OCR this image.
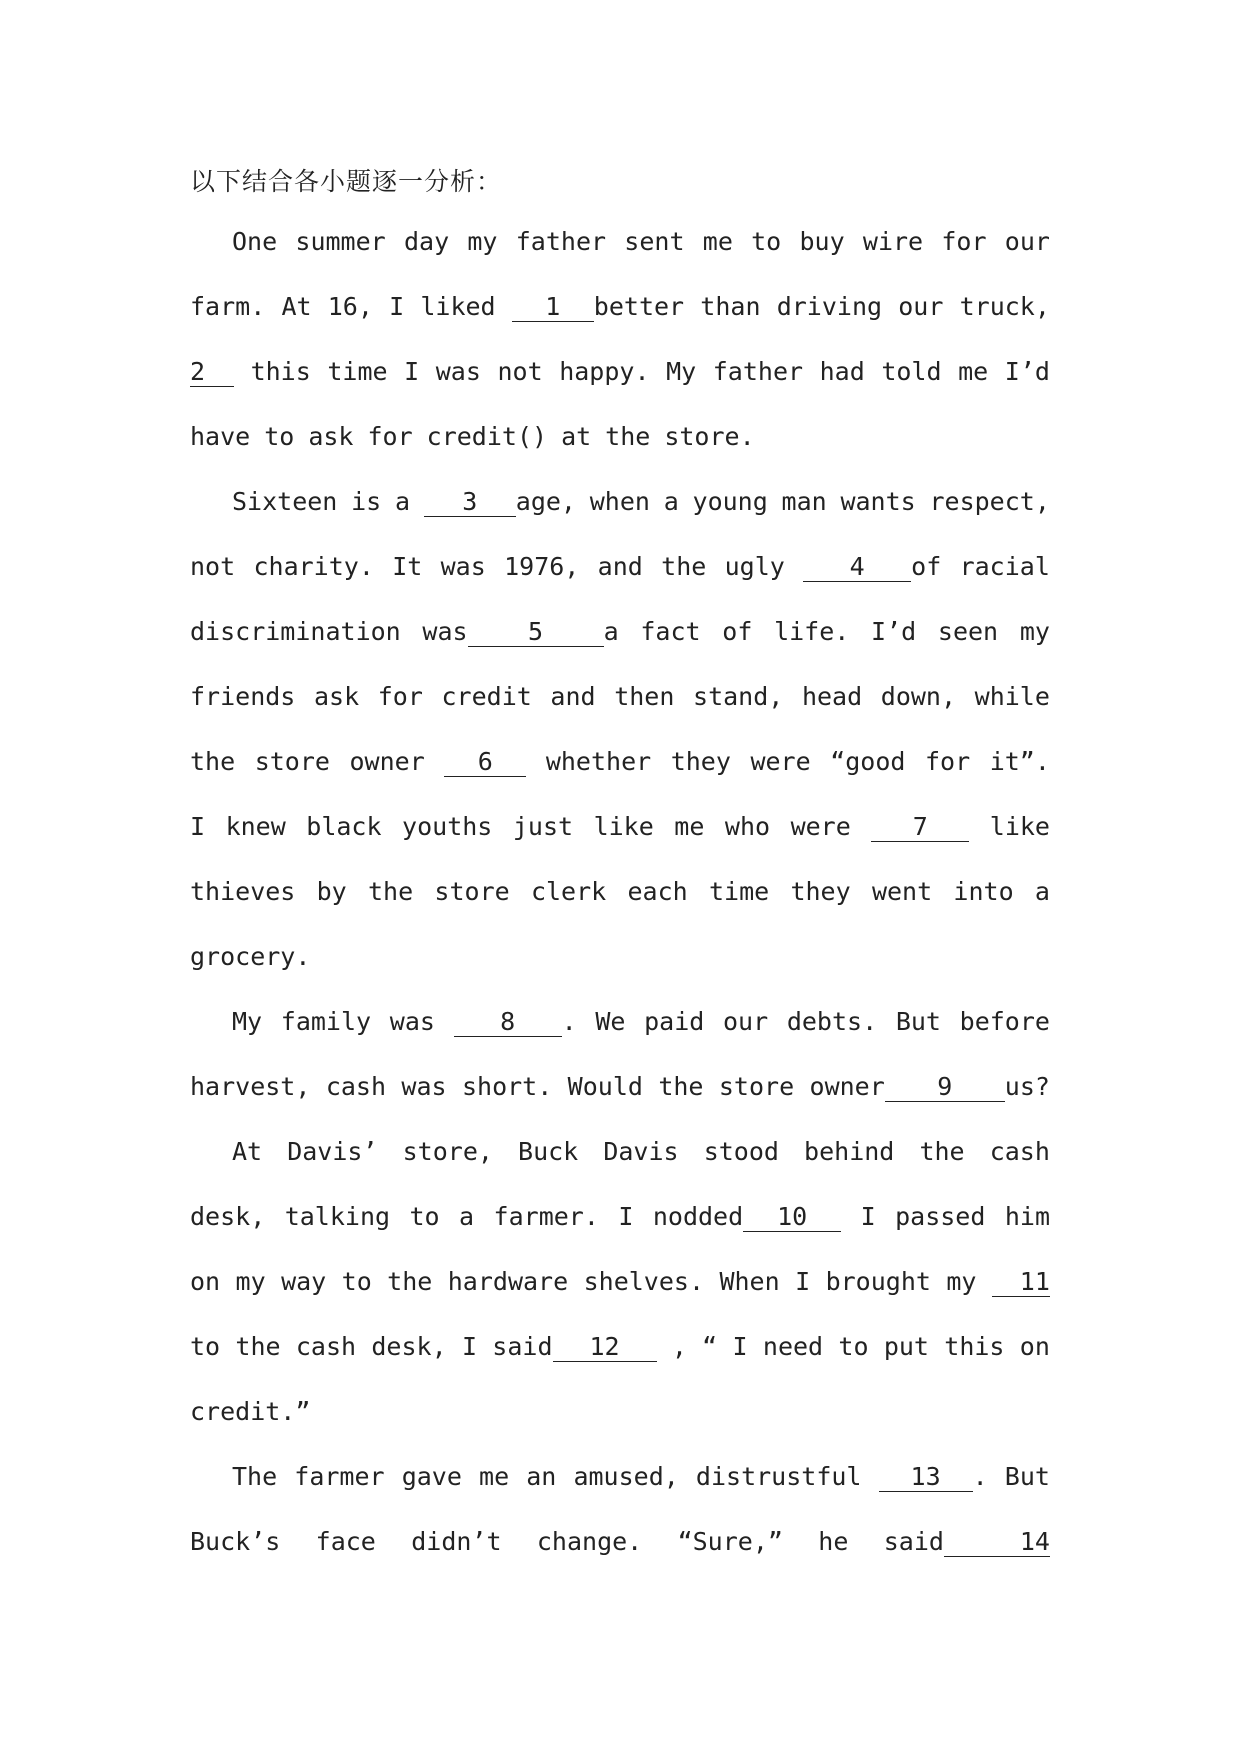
以下结合各小题逐一分析：
One summer day my father sent me to buy wire for our
farm. At 16, I liked	1 better than driving our truck,
2	this time I was not happy. My father had told me I’d
have to ask for credit() at the store.
Sixteen is a	3 age, when a young man wants respect,
not charity. It was 1976, and the ugly	4 of racial
discrimination was 5 a fact of life. I’d seen my
friends ask for credit and then stand, head down, while
the store owner	6	whether they were “good for it”.
I knew black youths just like me who were	7	like
thieves by the store clerk each time they went into a
grocery.
My family was	8 . We paid our debts. But before
harvest, cash was short. Would the store owner 9 us?
At Davis’ store, Buck Davis stood behind the cash
desk, talking to a farmer. I nodded 10	I passed him
on my way to the hardware shelves. When I brought my	11
to the cash desk, I said 12	, “ I need to put this on
credit.”
The farmer gave me an amused, distrustful	13 . But
Buck’s face didn’t change. “Sure,” he said	14
